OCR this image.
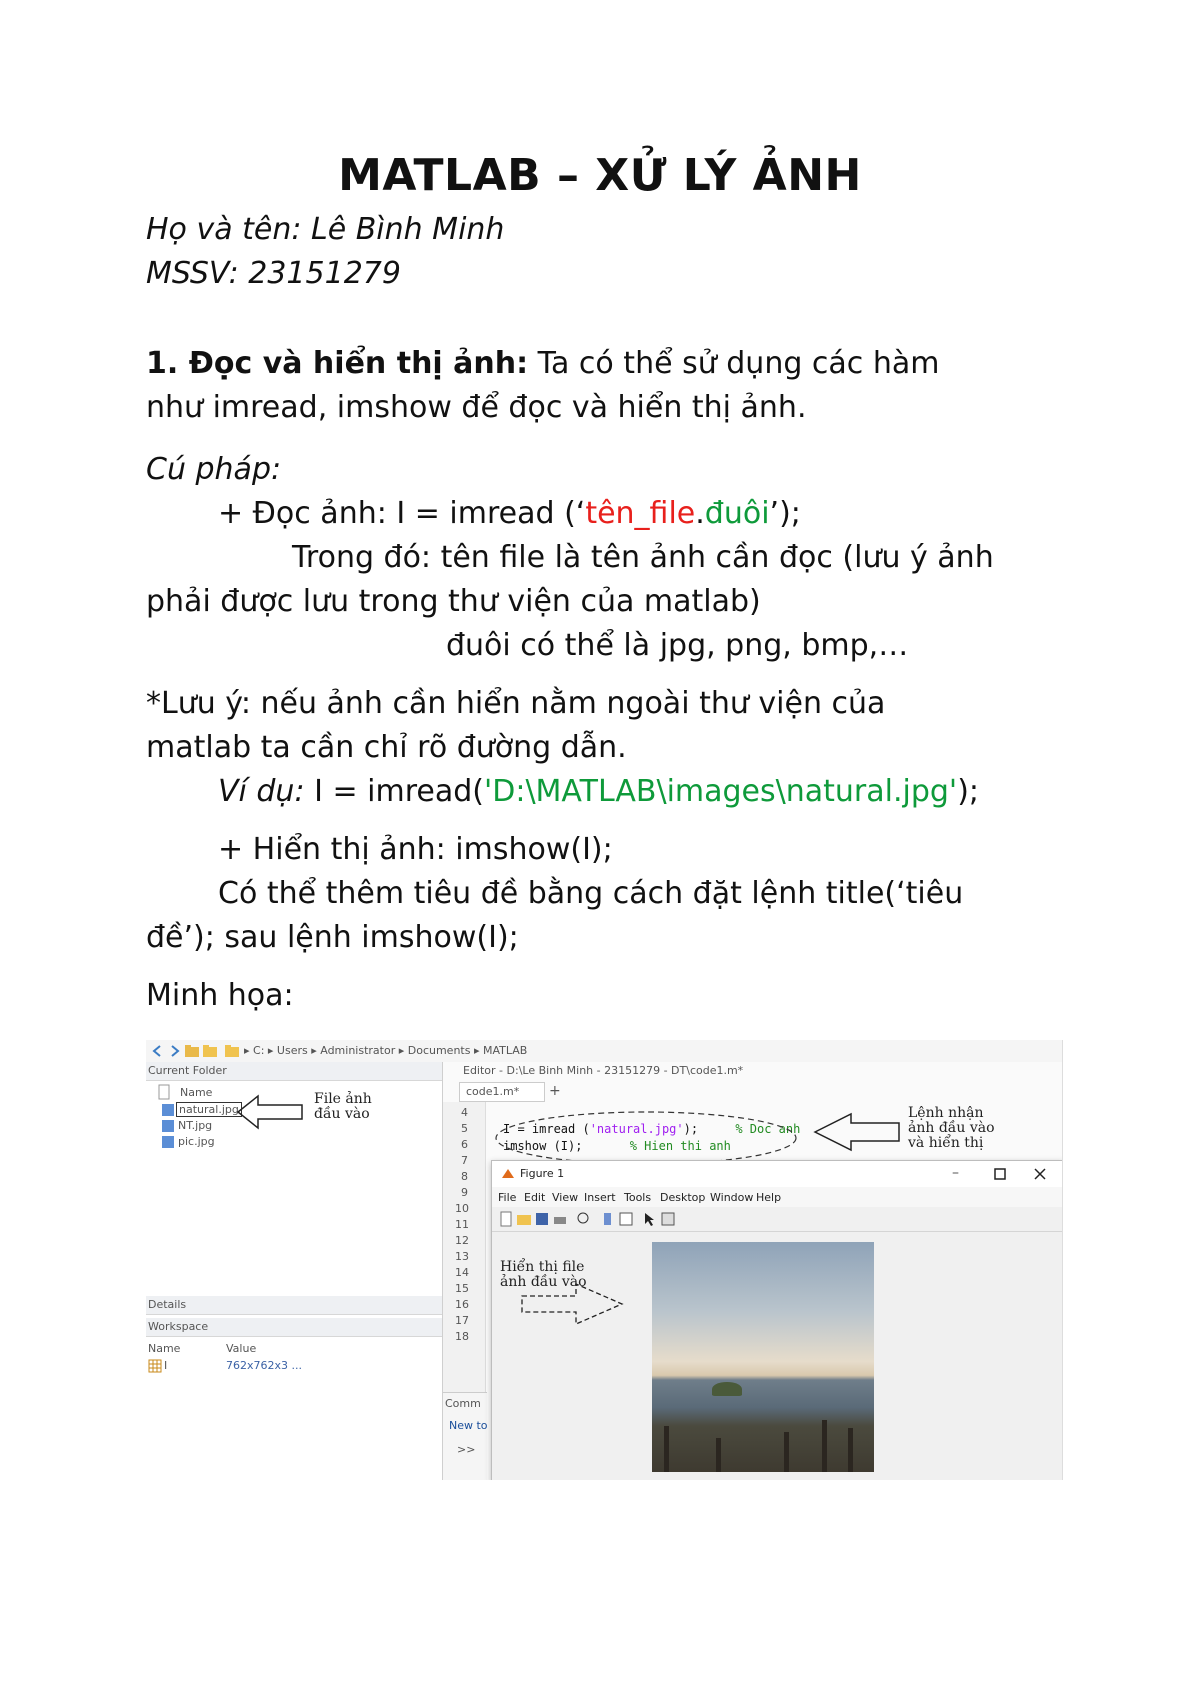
MATLAB – XỬ LÝ ẢNH
Họ và tên: Lê Bình Minh
MSSV: 23151279
1. Đọc và hiển thị ảnh: Ta có thể sử dụng các hàm
như imread, imshow để đọc và hiển thị ảnh.
Cú pháp:
+ Đọc ảnh: I = imread (‘tên_file.đuôi’);
Trong đó: tên file là tên ảnh cần đọc (lưu ý ảnh
phải được lưu trong thư viện của matlab)
đuôi có thể là jpg, png, bmp,…
*Lưu ý: nếu ảnh cần hiển nằm ngoài thư viện của
matlab ta cần chỉ rõ đường dẫn.
Ví dụ: I = imread('D:\MATLAB\images\natural.jpg');
+ Hiển thị ảnh: imshow(I);
Có thể thêm tiêu đề bằng cách đặt lệnh title(‘tiêu
đề’); sau lệnh imshow(I);
Minh họa:
▸ C: ▸ Users ▸ Administrator ▸ Documents ▸ MATLAB
Current Folder
Name
natural.jpg
NT.jpg
pic.jpg
File ảnh
đầu vào
Details
Workspace
Name	Value
I	762x762x3 ...
Editor - D:\Le Binh Minh - 23151279 - DT\code1.m*
code1.m* +
4
5
6
7
8
9
10
11
12
13
14
15
16
17
18
I = imread ('natural.jpg');	% Doc anh
imshow (I);	% Hien thi anh
Lệnh nhận
ảnh đầu vào
và hiển thị
Comm
New to
>>
Figure 1	–
File Edit View Insert Tools Desktop Window Help
Hiển thị file
ảnh đầu vào
